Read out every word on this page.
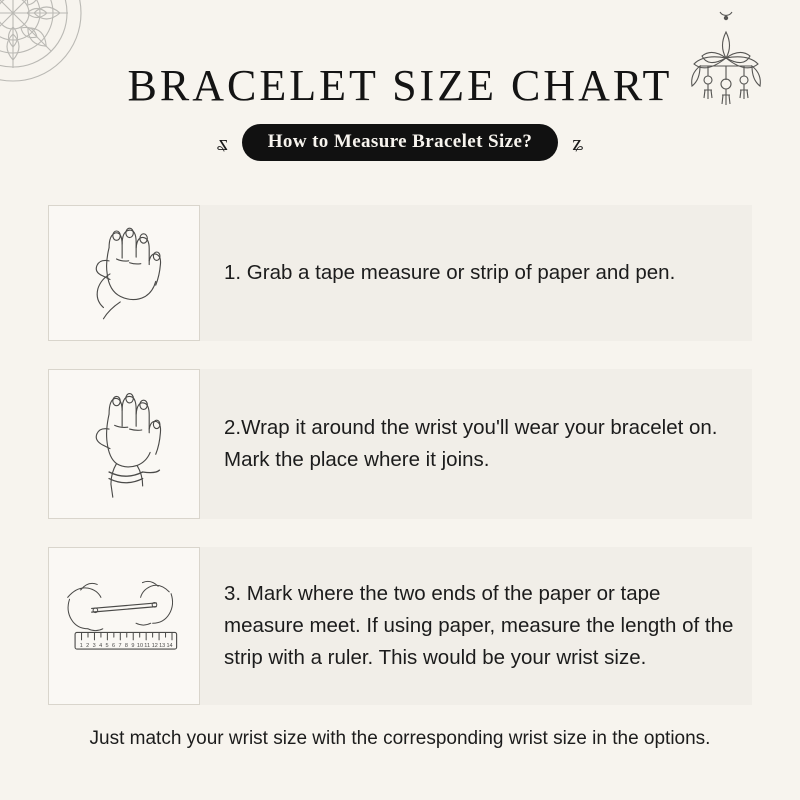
BRACELET SIZE CHART
ʑ	How to Measure Bracelet Size?	ʑ
1. Grab a tape measure or strip of paper and pen.
2.Wrap it around the wrist you'll wear your bracelet on. Mark the place where it joins.
1 2 3 4 5 6 7 8 9 10 11 12 13 14
3. Mark where the two ends of the paper or tape measure meet. If using paper, measure the length of the strip with a ruler. This would be your wrist size.
Just match your wrist size with the corresponding wrist size in the options.
